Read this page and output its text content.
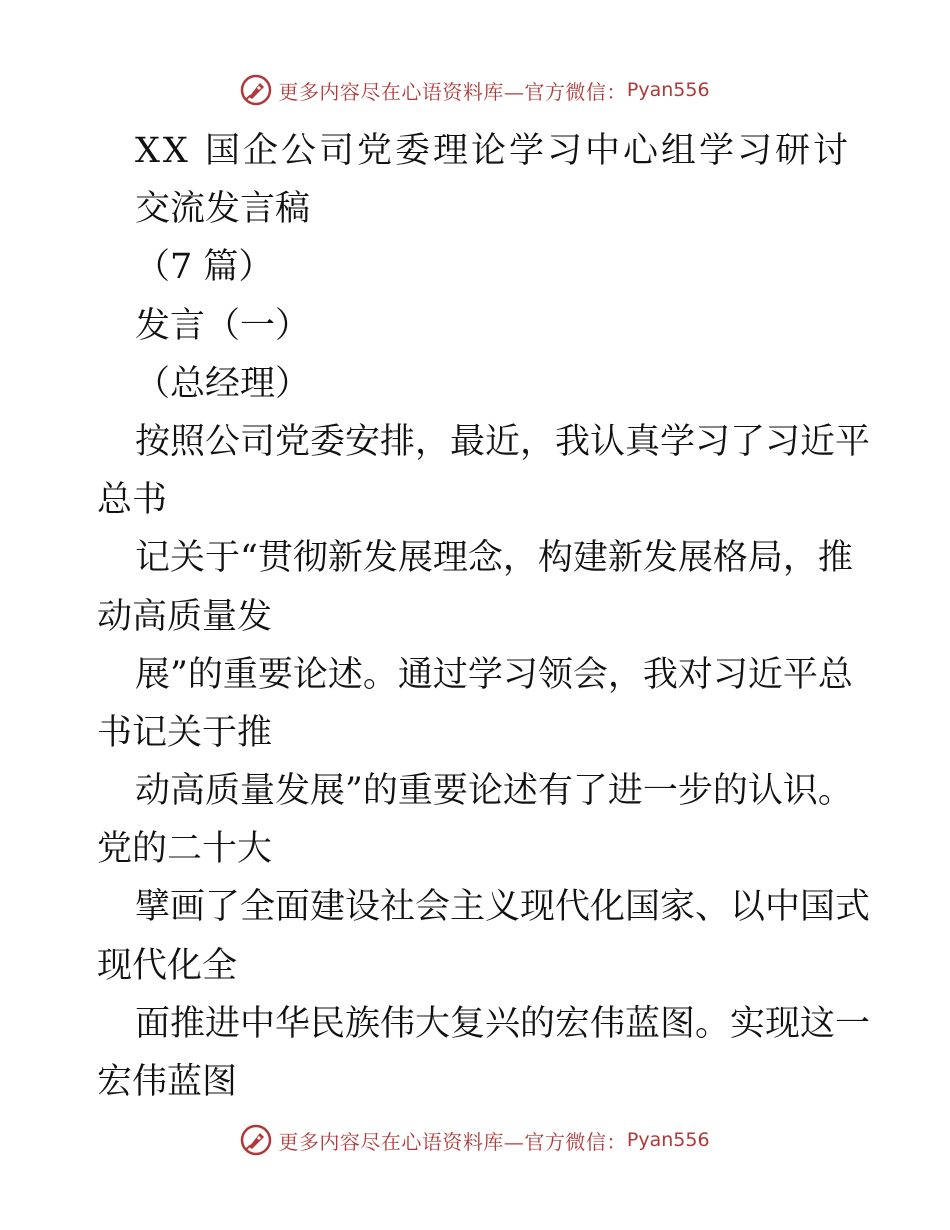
更多内容尽在心语资料库—官方微信： Pyan556
XX 国企公司党委理论学习中心组学习研讨
交流发言稿
（7 篇）
发言（一）
（总经理）
按照公司党委安排，最近，我认真学习了习近平
总书
记关于“贯彻新发展理念，构建新发展格局，推
动高质量发
展”的重要论述。通过学习领会，我对习近平总
书记关于推
动高质量发展”的重要论述有了进一步的认识。
党的二十大
擘画了全面建设社会主义现代化国家、以中国式
现代化全
面推进中华民族伟大复兴的宏伟蓝图。实现这一
宏伟蓝图
更多内容尽在心语资料库—官方微信： Pyan556
